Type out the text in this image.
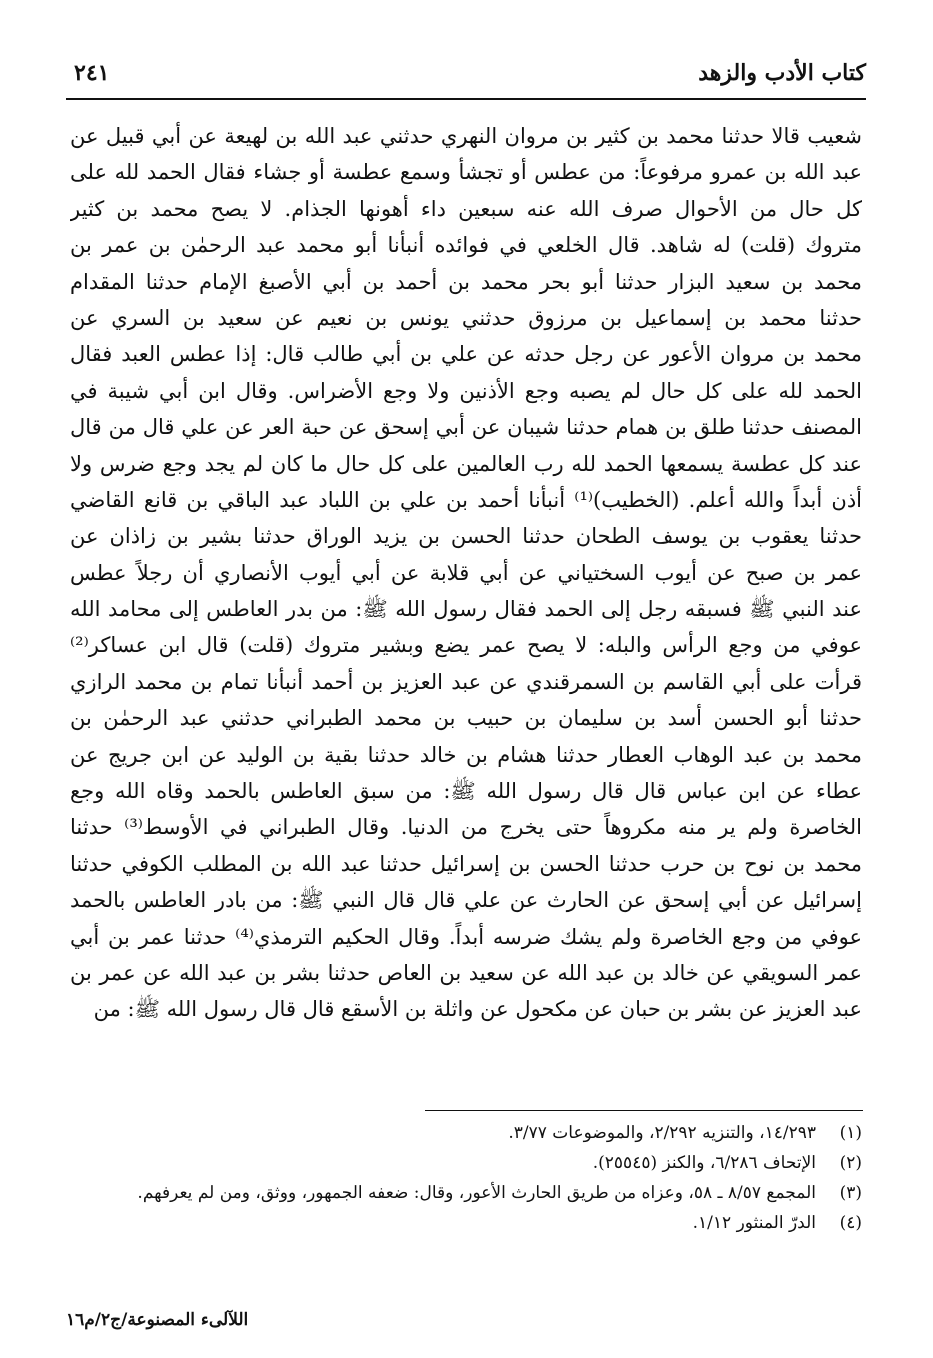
كتاب الأدب والزهد
٢٤١
شعيب قالا حدثنا محمد بن كثير بن مروان النهري حدثني عبد الله بن لهيعة عن أبي قبيل عن
عبد الله بن عمرو مرفوعاً: من عطس أو تجشأ وسمع عطسة أو جشاء فقال الحمد لله على
كل حال من الأحوال صرف الله عنه سبعين داء أهونها الجذام. لا يصح محمد بن كثير
متروك (قلت) له شاهد. قال الخلعي في فوائده أنبأنا أبو محمد عبد الرحمٰن بن عمر بن
محمد بن سعيد البزار حدثنا أبو بحر محمد بن أحمد بن أبي الأصبغ الإمام حدثنا المقدام
حدثنا محمد بن إسماعيل بن مرزوق حدثني يونس بن نعيم عن سعيد بن السري عن
محمد بن مروان الأعور عن رجل حدثه عن علي بن أبي طالب قال: إذا عطس العبد فقال
الحمد لله على كل حال لم يصبه وجع الأذنين ولا وجع الأضراس. وقال ابن أبي شيبة في
المصنف حدثنا طلق بن همام حدثنا شيبان عن أبي إسحق عن حبة العر عن علي قال من قال
عند كل عطسة يسمعها الحمد لله رب العالمين على كل حال ما كان لم يجد وجع ضرس ولا
أذن أبداً والله أعلم. (الخطيب)⁽¹⁾ أنبأنا أحمد بن علي بن اللباد عبد الباقي بن قانع القاضي
حدثنا يعقوب بن يوسف الطحان حدثنا الحسن بن يزيد الوراق حدثنا بشير بن زاذان عن
عمر بن صبح عن أيوب السختياني عن أبي قلابة عن أبي أيوب الأنصاري أن رجلاً عطس
عند النبي ﷺ فسبقه رجل إلى الحمد فقال رسول الله ﷺ: من بدر العاطس إلى محامد الله
عوفي من وجع الرأس والبله: لا يصح عمر يضع وبشير متروك (قلت) قال ابن عساكر⁽²⁾
قرأت على أبي القاسم بن السمرقندي عن عبد العزيز بن أحمد أنبأنا تمام بن محمد الرازي
حدثنا أبو الحسن أسد بن سليمان بن حبيب بن محمد الطبراني حدثني عبد الرحمٰن بن
محمد بن عبد الوهاب العطار حدثنا هشام بن خالد حدثنا بقية بن الوليد عن ابن جريج عن
عطاء عن ابن عباس قال قال رسول الله ﷺ: من سبق العاطس بالحمد وقاه الله وجع
الخاصرة ولم ير منه مكروهاً حتى يخرج من الدنيا. وقال الطبراني في الأوسط⁽³⁾ حدثنا
محمد بن نوح بن حرب حدثنا الحسن بن إسرائيل حدثنا عبد الله بن المطلب الكوفي حدثنا
إسرائيل عن أبي إسحق عن الحارث عن علي قال قال النبي ﷺ: من بادر العاطس بالحمد
عوفي من وجع الخاصرة ولم يشك ضرسه أبداً. وقال الحكيم الترمذي⁽⁴⁾ حدثنا عمر بن أبي
عمر السويقي عن خالد بن عبد الله عن سعيد بن العاص حدثنا بشر بن عبد الله عن عمر بن
عبد العزيز عن بشر بن حبان عن مكحول عن واثلة بن الأسقع قال قال رسول الله ﷺ: من
(١)
١٤/٢٩٣، والتنزيه ٢/٢٩٢، والموضوعات ٣/٧٧.
(٢)
الإتحاف ٦/٢٨٦، والكنز (٢٥٥٤٥).
(٣)
المجمع ٨/٥٧ ـ ٥٨، وعزاه من طريق الحارث الأعور، وقال: ضعفه الجمهور، ووثق، ومن لم يعرفهم.
(٤)
الدرّ المنثور ١/١٢.
اللآلىء المصنوعة/ج٢/م١٦
